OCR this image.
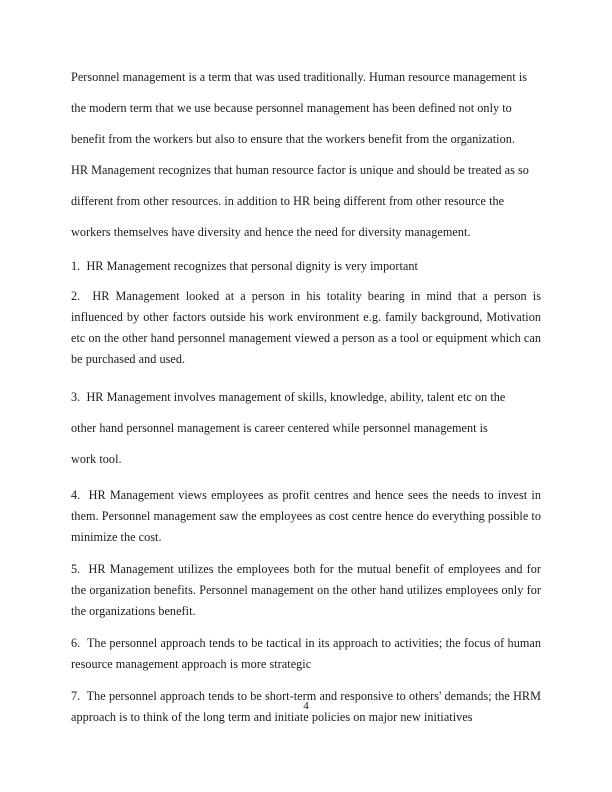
Personnel management is a term that was used traditionally. Human resource management is

the modern term that we use because personnel management has been defined not only to

benefit from the workers but also to ensure that the workers benefit from the organization.

HR Management recognizes that human resource factor is unique and should be treated as so

different from other resources. in addition to HR being different from other resource the

workers themselves have diversity and hence the need for diversity management.

1. HR Management recognizes that personal dignity is very important

2. HR Management looked at a person in his totality bearing in mind that a person is influenced by other factors outside his work environment e.g. family background, Motivation etc on the other hand personnel management viewed a person as a tool or equipment which can be purchased and used.

3. HR Management involves management of skills, knowledge, ability, talent etc on the

other hand personnel management is career centered while personnel management is

work tool.

4. HR Management views employees as profit centres and hence sees the needs to invest in them. Personnel management saw the employees as cost centre hence do everything possible to minimize the cost.

5. HR Management utilizes the employees both for the mutual benefit of employees and for the organization benefits. Personnel management on the other hand utilizes employees only for the organizations benefit.

6. The personnel approach tends to be tactical in its approach to activities; the focus of human resource management approach is more strategic

7. The personnel approach tends to be short-term and responsive to others' demands; the HRM approach is to think of the long term and initiate policies on major new initiatives

4
